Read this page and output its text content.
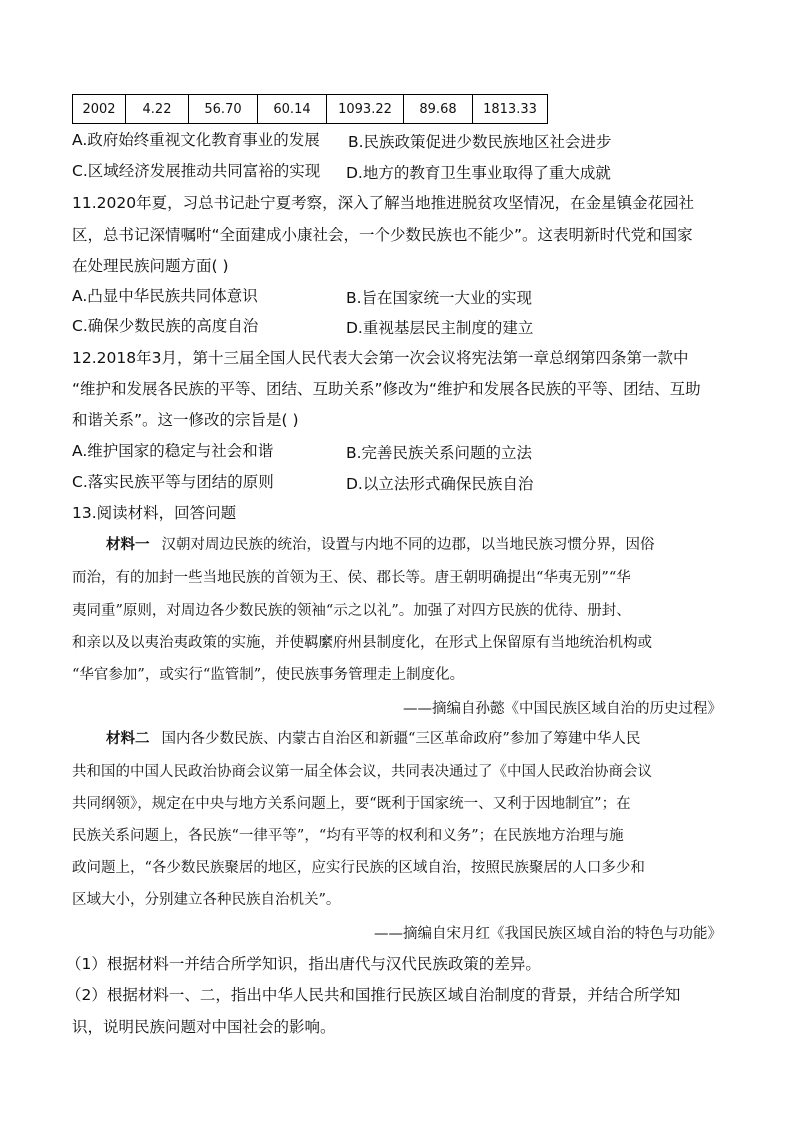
2002	4.22	56.70	60.14	1093.22	89.68	1813.33
A.政府始终重视文化教育事业的发展 B.民族政策促进少数民族地区社会进步
C.区域经济发展推动共同富裕的实现 D.地方的教育卫生事业取得了重大成就
11.2020年夏，习总书记赴宁夏考察，深入了解当地推进脱贫攻坚情况，在金星镇金花园社
区，总书记深情嘱咐“全面建成小康社会，一个少数民族也不能少”。这表明新时代党和国家
在处理民族问题方面( )
A.凸显中华民族共同体意识	B.旨在国家统一大业的实现
C.确保少数民族的高度自治	D.重视基层民主制度的建立
12.2018年3月，第十三届全国人民代表大会第一次会议将宪法第一章总纲第四条第一款中
“维护和发展各民族的平等、团结、互助关系”修改为“维护和发展各民族的平等、团结、互助
和谐关系”。这一修改的宗旨是( )
A.维护国家的稳定与社会和谐	B.完善民族关系问题的立法
C.落实民族平等与团结的原则	D.以立法形式确保民族自治
13.阅读材料，回答问题
材料一 汉朝对周边民族的统治，设置与内地不同的边郡，以当地民族习惯分界，因俗
而治，有的加封一些当地民族的首领为王、侯、郡长等。唐王朝明确提出“华夷无别”“华
夷同重”原则，对周边各少数民族的领袖“示之以礼”。加强了对四方民族的优待、册封、
和亲以及以夷治夷政策的实施，并使羁縻府州县制度化，在形式上保留原有当地统治机构或
“华官参加”，或实行“监管制”，使民族事务管理走上制度化。
——摘编自孙懿《中国民族区域自治的历史过程》
材料二 国内各少数民族、内蒙古自治区和新疆“三区革命政府”参加了筹建中华人民
共和国的中国人民政治协商会议第一届全体会议，共同表决通过了《中国人民政治协商会议
共同纲领》，规定在中央与地方关系问题上，要“既利于国家统一、又利于因地制宜”；在
民族关系问题上，各民族“一律平等”，“均有平等的权利和义务”；在民族地方治理与施
政问题上，“各少数民族聚居的地区，应实行民族的区域自治，按照民族聚居的人口多少和
区域大小，分别建立各种民族自治机关”。
——摘编自宋月红《我国民族区域自治的特色与功能》
（1）根据材料一并结合所学知识，指出唐代与汉代民族政策的差异。
（2）根据材料一、二，指出中华人民共和国推行民族区域自治制度的背景，并结合所学知
识，说明民族问题对中国社会的影响。
